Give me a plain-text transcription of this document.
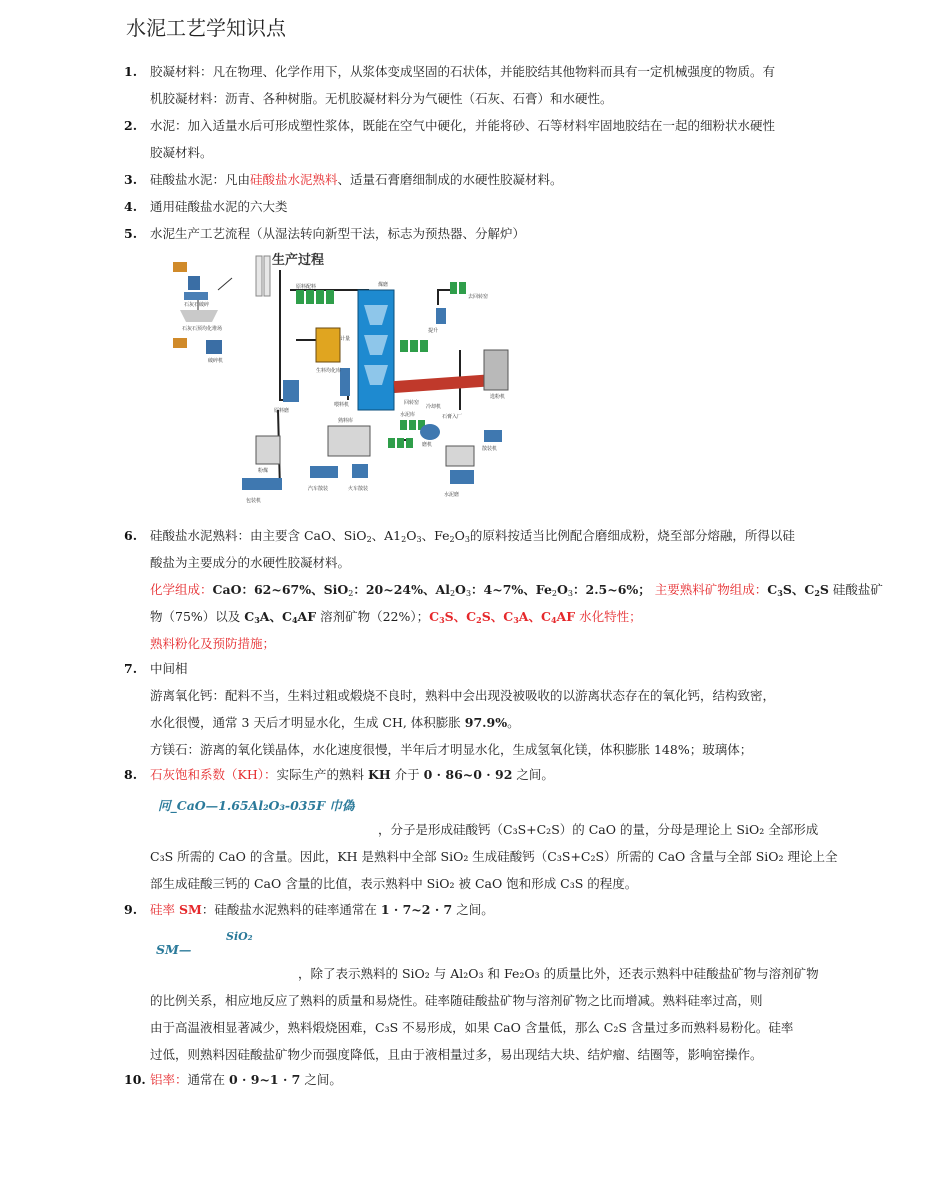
水泥工艺学知识点
1. 胶凝材料：凡在物理、化学作用下，从浆体变成坚固的石状体，并能胶结其他物料而具有一定机械强度的物质。有
机胶凝材料：沥青、各种树脂。无机胶凝材料分为气硬性（石灰、石膏）和水硬性。
2. 水泥：加入适量水后可形成塑性浆体，既能在空气中硬化，并能将砂、石等材料牢固地胶结在一起的细粉状水硬性
胶凝材料。
3. 硅酸盐水泥：凡由硅酸盐水泥熟料、适量石膏磨细制成的水硬性胶凝材料。
4. 通用硅酸盐水泥的六大类
5. 水泥生产工艺流程（从湿法转向新型干法，标志为预热器、分解炉）
生产过程
石灰石破碎
石灰石预均化堆场
破碎机
原料配料
计量
生料均化库
原料磨
喂料机
煤磨
提升
去回转窑
水泥库
冷却机
回转窑
石膏入厂
熟料库
水泥磨
包装机
汽车散装	火车散装
散装机
磨机
选粉机
粉煤
6. 硅酸盐水泥熟料：由主要含 CaO、SiO$_2$、$A1_2O_3$、$Fe_2O_3$的原料按适当比例配合磨细成粉，烧至部分熔融，所得以硅
酸盐为主要成分的水硬性胶凝材料。
化学组成：CaO：62~67%、SiO$_2$：20~24%、$Al_2O_3$：4~7%、$Fe_2O_3$：2.5~6%； 主要熟料矿物组成：$C_3S$、$C_2S$ 硅酸盐矿
物（75%）以及 $C_3A$、$C_4AF$ 溶剂矿物（22%）；$C_3S$、$C_2S$、$C_3A$、$C_4AF$ 水化特性；
熟料粉化及预防措施；
7. 中间相
游离氧化钙：配料不当，生料过粗或煅烧不良时，熟料中会出现没被吸收的以游离状态存在的氧化钙，结构致密，
水化很慢，通常 3 天后才明显水化，生成 CH, 体积膨胀 97.9%。
方镁石：游离的氧化镁晶体，水化速度很慢，半年后才明显水化，生成氢氧化镁，体积膨胀 148%；玻璃体；
8. 石灰饱和系数（KH）：实际生产的熟料 KH 介于 0 · 86~0 · 92 之间。
冋_CaO—1.65Al₂O₃-035F 巾偽
，分子是形成硅酸钙（C₃S+C₂S）的 CaO 的量，分母是理论上 SiO₂ 全部形成
C₃S 所需的 CaO 的含量。因此，KH 是熟料中全部 SiO₂ 生成硅酸钙（C₃S+C₂S）所需的 CaO 含量与全部 SiO₂ 理论上全
部生成硅酸三钙的 CaO 含量的比值，表示熟料中 SiO₂ 被 CaO 饱和形成 C₃S 的程度。
9. 硅率 SM：硅酸盐水泥熟料的硅率通常在 1 · 7~2 · 7 之间。
SiO₂
SM—
，除了表示熟料的 SiO₂ 与 Al₂O₃ 和 Fe₂O₃ 的质量比外，还表示熟料中硅酸盐矿物与溶剂矿物
的比例关系，相应地反应了熟料的质量和易烧性。硅率随硅酸盐矿物与溶剂矿物之比而增减。熟料硅率过高，则
由于高温液相显著减少，熟料煅烧困难，C₃S 不易形成，如果 CaO 含量低，那么 C₂S 含量过多而熟料易粉化。硅率
过低，则熟料因硅酸盐矿物少而强度降低，且由于液相量过多，易出现结大块、结炉瘤、结圈等，影响窑操作。
10. 铝率：通常在 0 · 9~1 · 7 之间。
